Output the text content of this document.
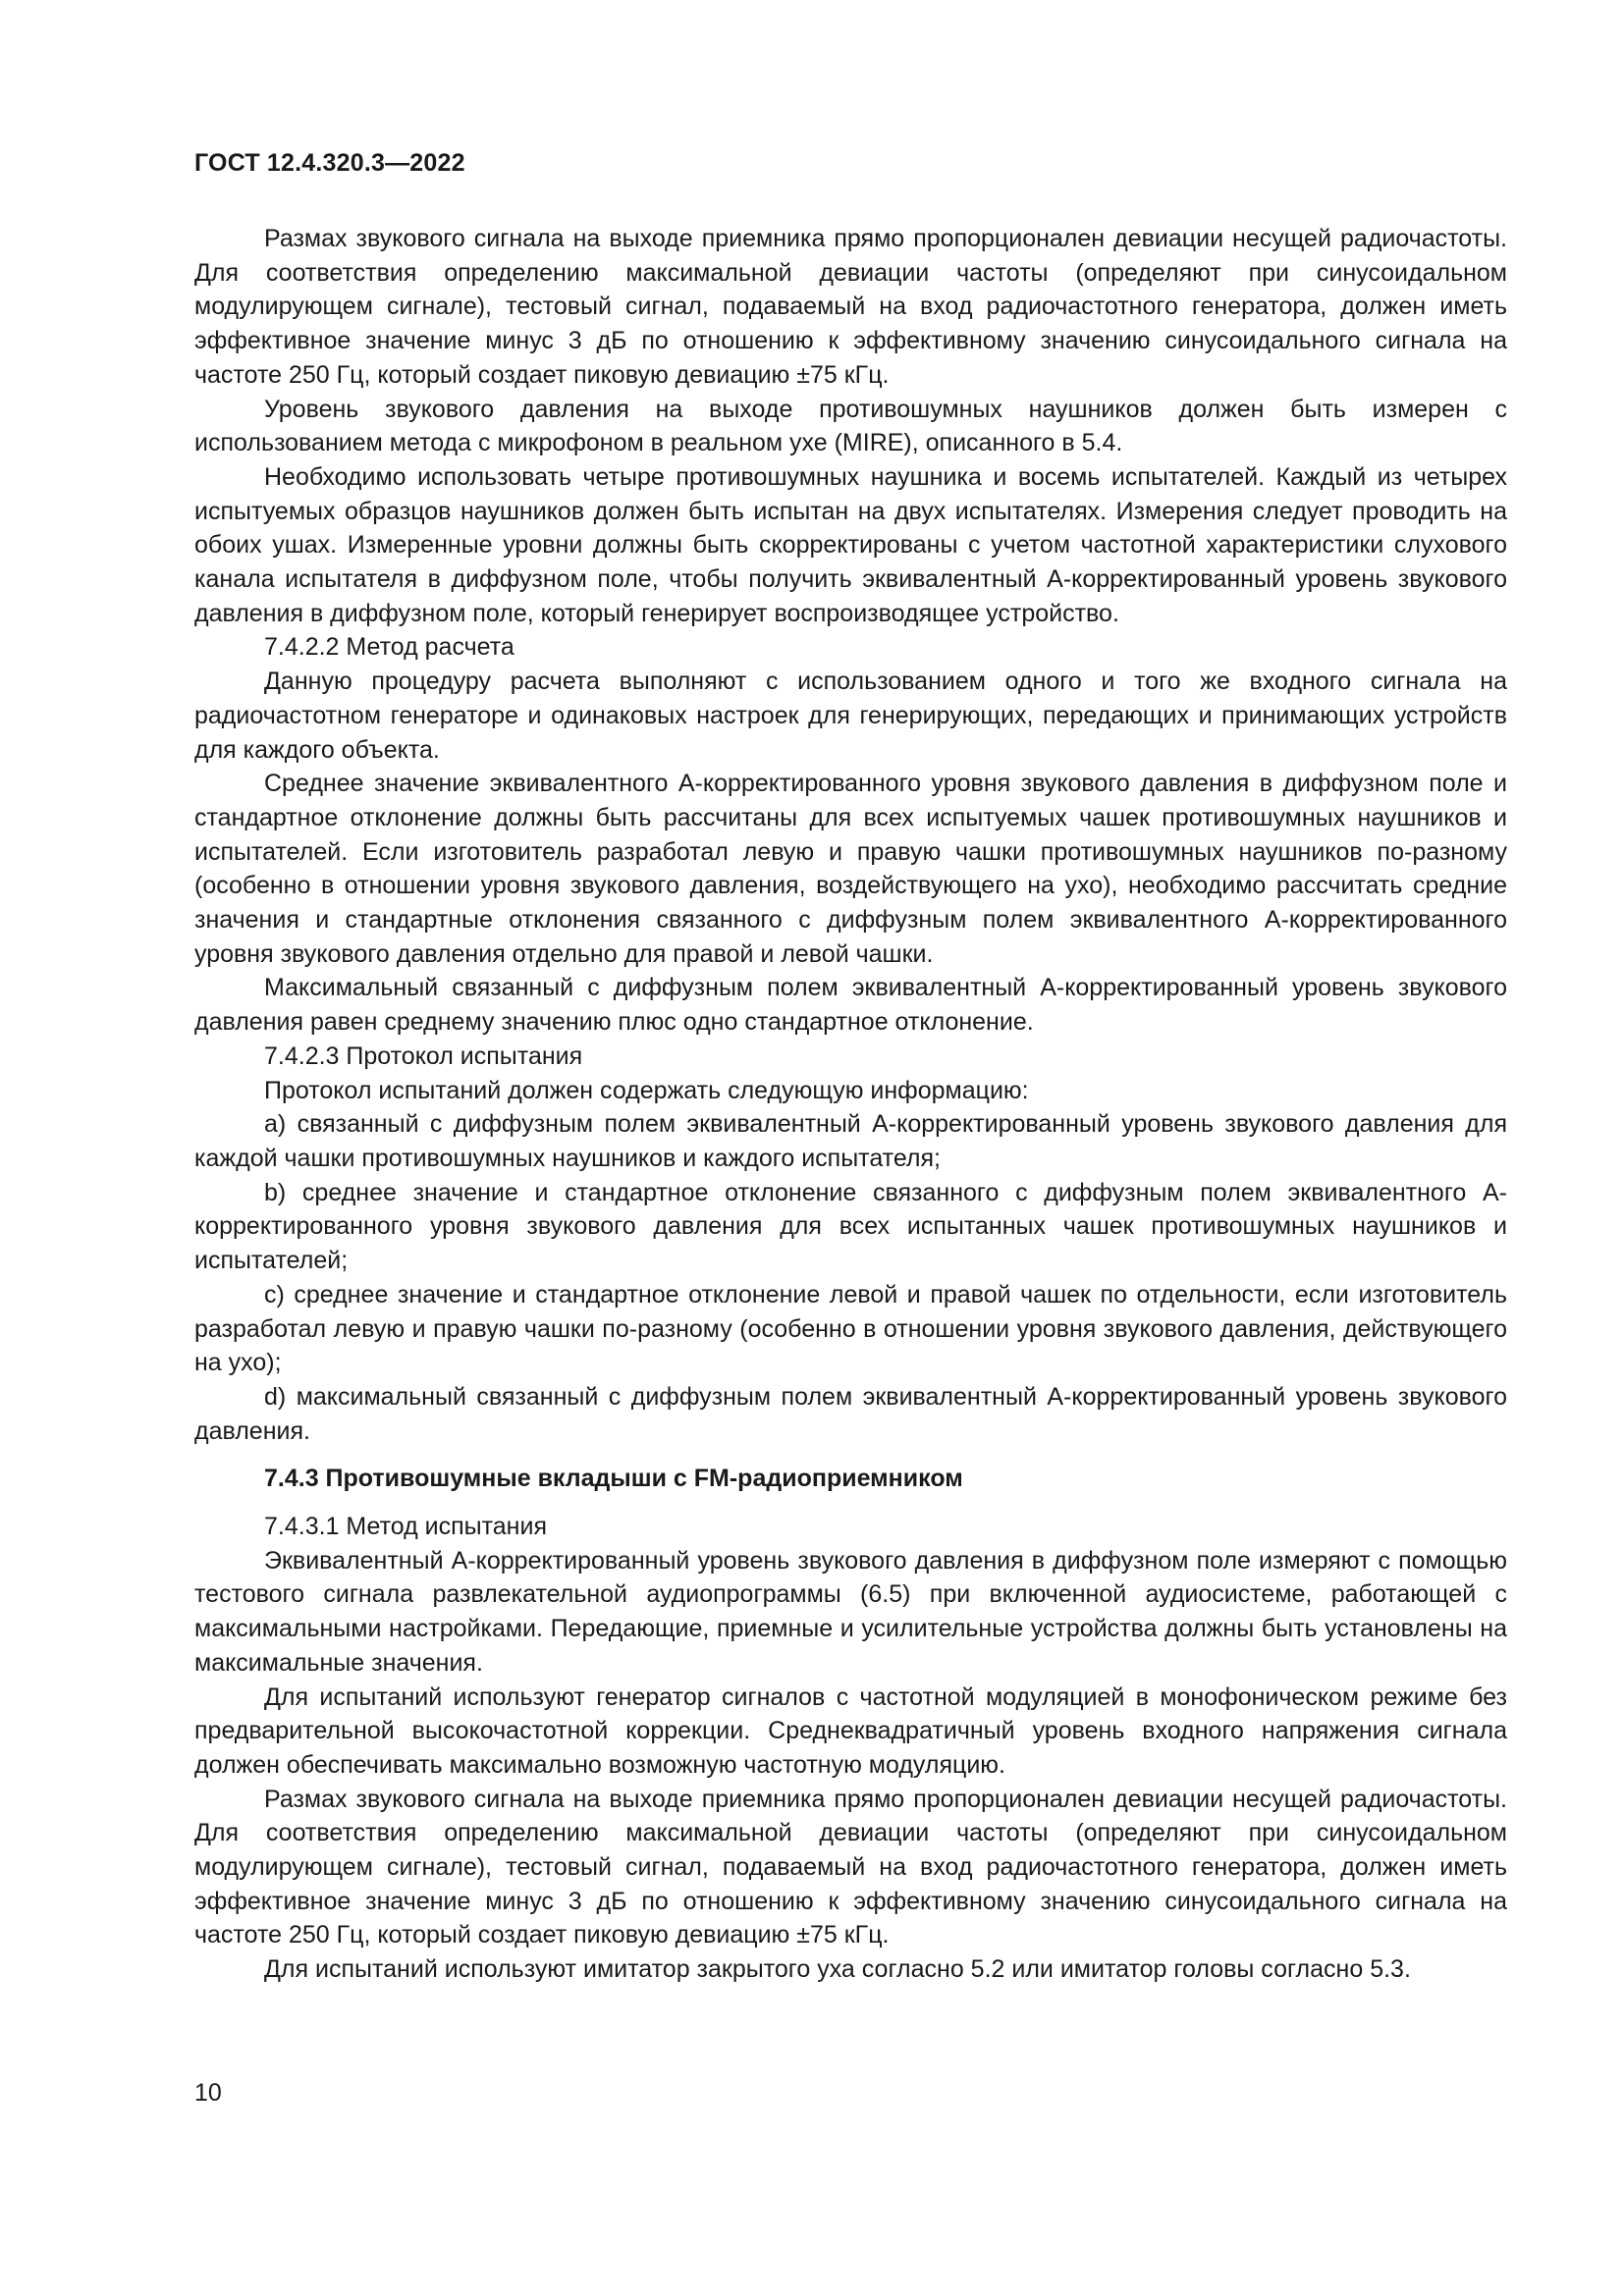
ГОСТ 12.4.320.3—2022

Размах звукового сигнала на выходе приемника прямо пропорционален девиации несущей радиочастоты. Для соответствия определению максимальной девиации частоты (определяют при синусоидальном модулирующем сигнале), тестовый сигнал, подаваемый на вход радиочастотного генератора, должен иметь эффективное значение минус 3 дБ по отношению к эффективному значению синусоидального сигнала на частоте 250 Гц, который создает пиковую девиацию ±75 кГц.

Уровень звукового давления на выходе противошумных наушников должен быть измерен с использованием метода с микрофоном в реальном ухе (MIRE), описанного в 5.4.

Необходимо использовать четыре противошумных наушника и восемь испытателей. Каждый из четырех испытуемых образцов наушников должен быть испытан на двух испытателях. Измерения следует проводить на обоих ушах. Измеренные уровни должны быть скорректированы с учетом частотной характеристики слухового канала испытателя в диффузном поле, чтобы получить эквивалентный А-корректированный уровень звукового давления в диффузном поле, который генерирует воспроизводящее устройство.

7.4.2.2 Метод расчета

Данную процедуру расчета выполняют с использованием одного и того же входного сигнала на радиочастотном генераторе и одинаковых настроек для генерирующих, передающих и принимающих устройств для каждого объекта.

Среднее значение эквивалентного А-корректированного уровня звукового давления в диффузном поле и стандартное отклонение должны быть рассчитаны для всех испытуемых чашек противошумных наушников и испытателей. Если изготовитель разработал левую и правую чашки противошумных наушников по-разному (особенно в отношении уровня звукового давления, воздействующего на ухо), необходимо рассчитать средние значения и стандартные отклонения связанного с диффузным полем эквивалентного А-корректированного уровня звукового давления отдельно для правой и левой чашки.

Максимальный связанный с диффузным полем эквивалентный А-корректированный уровень звукового давления равен среднему значению плюс одно стандартное отклонение.

7.4.2.3 Протокол испытания

Протокол испытаний должен содержать следующую информацию:

a) связанный с диффузным полем эквивалентный А-корректированный уровень звукового давления для каждой чашки противошумных наушников и каждого испытателя;

b) среднее значение и стандартное отклонение связанного с диффузным полем эквивалентного А-корректированного уровня звукового давления для всех испытанных чашек противошумных наушников и испытателей;

c) среднее значение и стандартное отклонение левой и правой чашек по отдельности, если изготовитель разработал левую и правую чашки по-разному (особенно в отношении уровня звукового давления, действующего на ухо);

d) максимальный связанный с диффузным полем эквивалентный А-корректированный уровень звукового давления.

7.4.3 Противошумные вкладыши с FM-радиоприемником

7.4.3.1 Метод испытания

Эквивалентный А-корректированный уровень звукового давления в диффузном поле измеряют с помощью тестового сигнала развлекательной аудиопрограммы (6.5) при включенной аудиосистеме, работающей с максимальными настройками. Передающие, приемные и усилительные устройства должны быть установлены на максимальные значения.

Для испытаний используют генератор сигналов с частотной модуляцией в монофоническом режиме без предварительной высокочастотной коррекции. Среднеквадратичный уровень входного напряжения сигнала должен обеспечивать максимально возможную частотную модуляцию.

Размах звукового сигнала на выходе приемника прямо пропорционален девиации несущей радиочастоты. Для соответствия определению максимальной девиации частоты (определяют при синусоидальном модулирующем сигнале), тестовый сигнал, подаваемый на вход радиочастотного генератора, должен иметь эффективное значение минус 3 дБ по отношению к эффективному значению синусоидального сигнала на частоте 250 Гц, который создает пиковую девиацию ±75 кГц.

Для испытаний используют имитатор закрытого уха согласно 5.2 или имитатор головы согласно 5.3.

10
